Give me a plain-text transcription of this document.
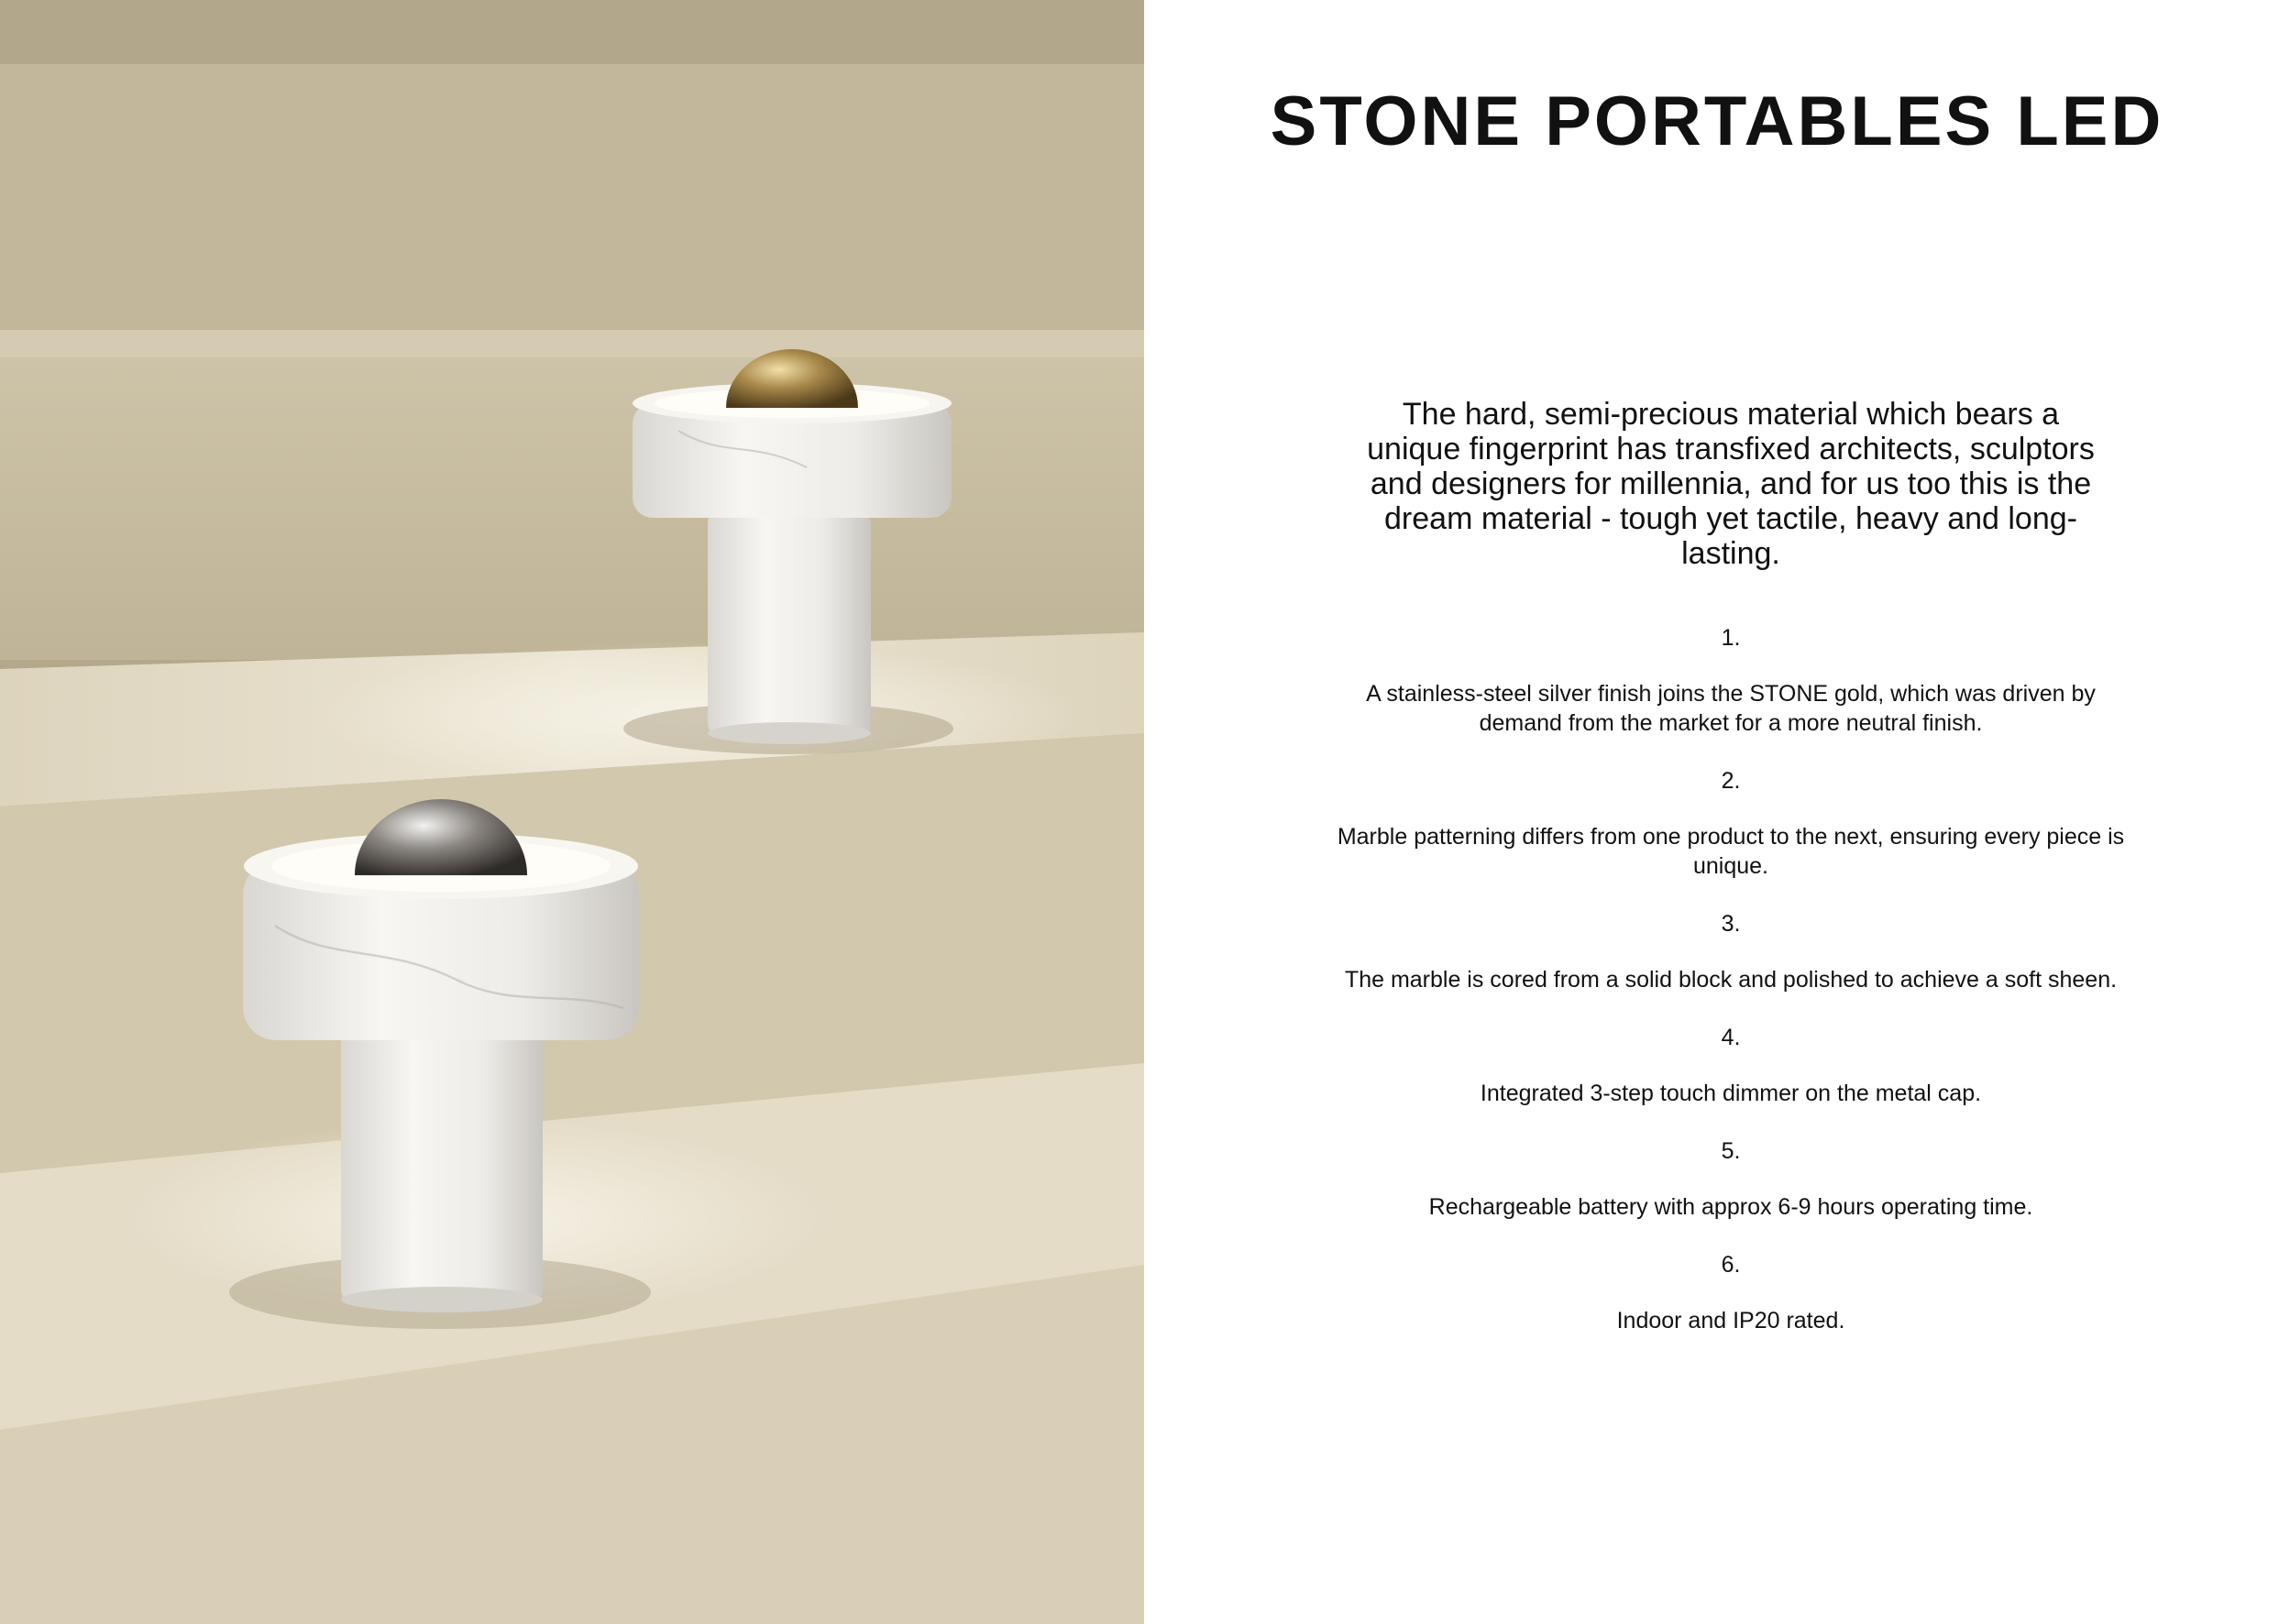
STONE PORTABLES LED

The hard, semi-precious material which bears a unique fingerprint has transfixed architects, sculptors and designers for millennia, and for us too this is the dream material - tough yet tactile, heavy and long-lasting.

1.
A stainless-steel silver finish joins the STONE gold, which was driven by demand from the market for a more neutral finish.
2.
Marble patterning differs from one product to the next, ensuring every piece is unique.
3.
The marble is cored from a solid block and polished to achieve a soft sheen.
4.
Integrated 3-step touch dimmer on the metal cap.
5.
Rechargeable battery with approx 6-9 hours operating time.
6.
Indoor and IP20 rated.
